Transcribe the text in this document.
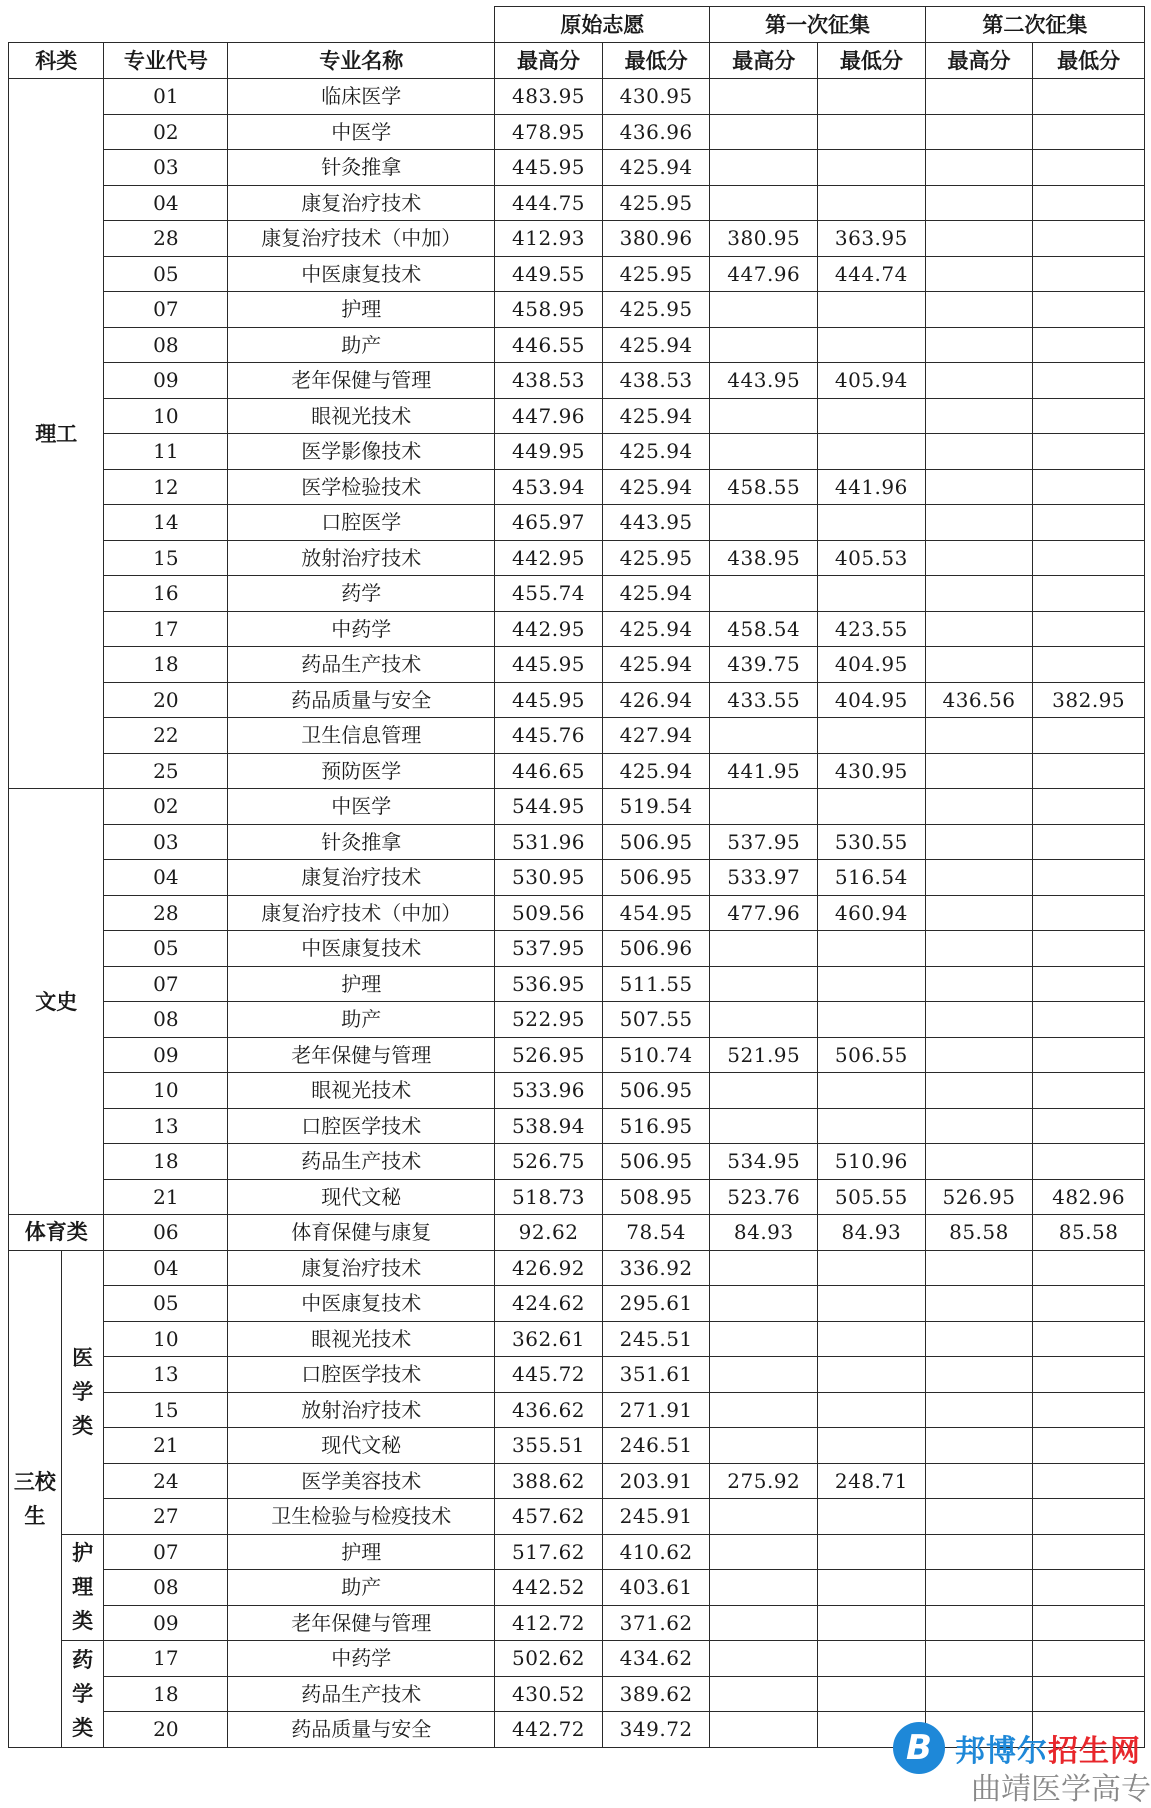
				原始志愿		第一次征集		第二次征集	
科类		专业代号	专业名称	最高分	最低分	最高分	最低分	最高分	最低分
理工		01	临床医学	483.95	430.95				
		02	中医学	478.95	436.96				
		03	针灸推拿	445.95	425.94				
		04	康复治疗技术	444.75	425.95				
		28	康复治疗技术（中加）	412.93	380.96	380.95	363.95		
		05	中医康复技术	449.55	425.95	447.96	444.74		
		07	护理	458.95	425.95				
		08	助产	446.55	425.94				
		09	老年保健与管理	438.53	438.53	443.95	405.94		
		10	眼视光技术	447.96	425.94				
		11	医学影像技术	449.95	425.94				
		12	医学检验技术	453.94	425.94	458.55	441.96		
		14	口腔医学	465.97	443.95				
		15	放射治疗技术	442.95	425.95	438.95	405.53		
		16	药学	455.74	425.94				
		17	中药学	442.95	425.94	458.54	423.55		
		18	药品生产技术	445.95	425.94	439.75	404.95		
		20	药品质量与安全	445.95	426.94	433.55	404.95	436.56	382.95
		22	卫生信息管理	445.76	427.94				
		25	预防医学	446.65	425.94	441.95	430.95		
文史		02	中医学	544.95	519.54				
		03	针灸推拿	531.96	506.95	537.95	530.55		
		04	康复治疗技术	530.95	506.95	533.97	516.54		
		28	康复治疗技术（中加）	509.56	454.95	477.96	460.94		
		05	中医康复技术	537.95	506.96				
		07	护理	536.95	511.55				
		08	助产	522.95	507.55				
		09	老年保健与管理	526.95	510.74	521.95	506.55		
		10	眼视光技术	533.96	506.95				
		13	口腔医学技术	538.94	516.95				
		18	药品生产技术	526.75	506.95	534.95	510.96		
		21	现代文秘	518.73	508.95	523.76	505.55	526.95	482.96
体育类		06	体育保健与康复	92.62	78.54	84.93	84.93	85.58	85.58
三校生	医学类	04	康复治疗技术	426.92	336.92				
		05	中医康复技术	424.62	295.61				
		10	眼视光技术	362.61	245.51				
		13	口腔医学技术	445.72	351.61				
		15	放射治疗技术	436.62	271.91				
		21	现代文秘	355.51	246.51				
		24	医学美容技术	388.62	203.91	275.92	248.71		
		27	卫生检验与检疫技术	457.62	245.91				
	护理类	07	护理	517.62	410.62				
		08	助产	442.52	403.61				
		09	老年保健与管理	412.72	371.62				
	药学类	17	中药学	502.62	434.62				
		18	药品生产技术	430.52	389.62				
		20	药品质量与安全	442.72	349.72					B 邦博尔招生网
曲靖医学高专
